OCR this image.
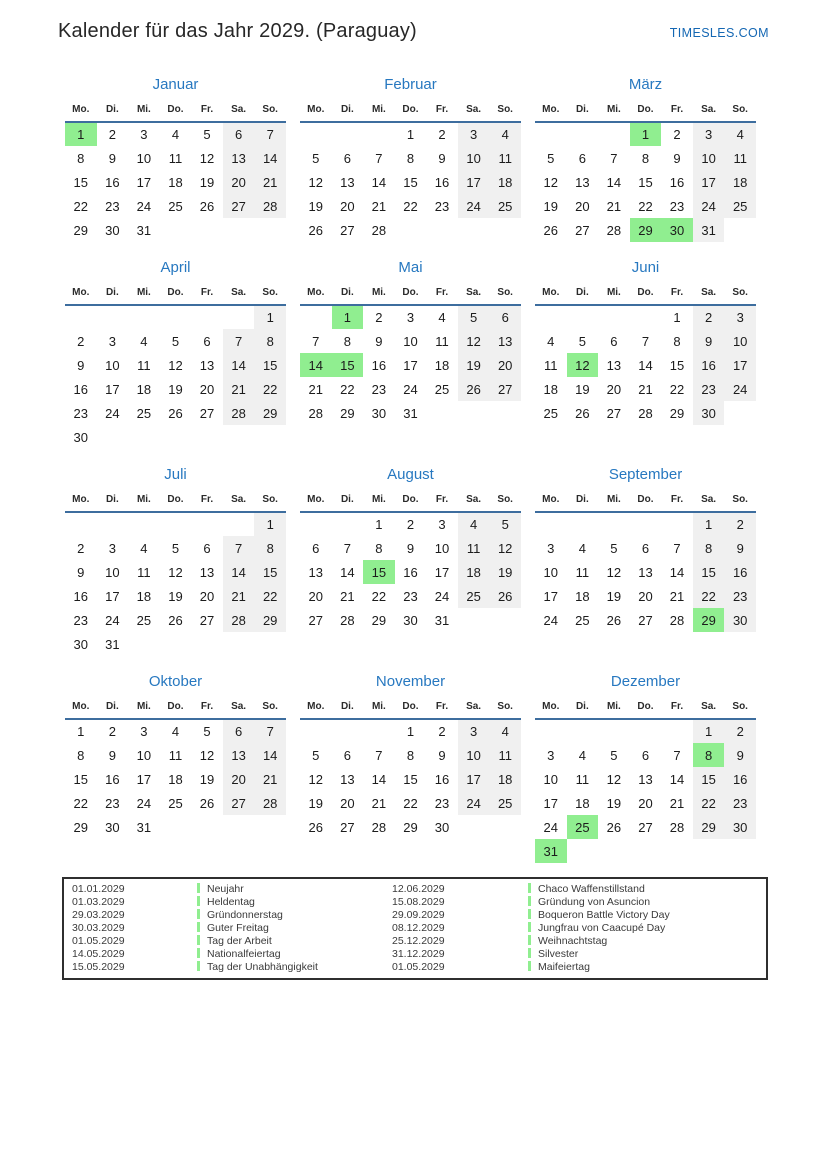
Kalender für das Jahr 2029. (Paraguay)	TIMESLES.COM
Januar
Mo.	Di.	Mi.	Do.	Fr.	Sa.	So.
1	2	3	4	5	6	7
8	9	10	11	12	13	14
15	16	17	18	19	20	21
22	23	24	25	26	27	28
29	30	31				
Februar
Mo.	Di.	Mi.	Do.	Fr.	Sa.	So.
			1	2	3	4
5	6	7	8	9	10	11
12	13	14	15	16	17	18
19	20	21	22	23	24	25
26	27	28				
März
Mo.	Di.	Mi.	Do.	Fr.	Sa.	So.
			1	2	3	4
5	6	7	8	9	10	11
12	13	14	15	16	17	18
19	20	21	22	23	24	25
26	27	28	29	30	31	
April
Mo.	Di.	Mi.	Do.	Fr.	Sa.	So.
						1
2	3	4	5	6	7	8
9	10	11	12	13	14	15
16	17	18	19	20	21	22
23	24	25	26	27	28	29
30						
Mai
Mo.	Di.	Mi.	Do.	Fr.	Sa.	So.
	1	2	3	4	5	6
7	8	9	10	11	12	13
14	15	16	17	18	19	20
21	22	23	24	25	26	27
28	29	30	31			
Juni
Mo.	Di.	Mi.	Do.	Fr.	Sa.	So.
				1	2	3
4	5	6	7	8	9	10
11	12	13	14	15	16	17
18	19	20	21	22	23	24
25	26	27	28	29	30	
Juli
Mo.	Di.	Mi.	Do.	Fr.	Sa.	So.
						1
2	3	4	5	6	7	8
9	10	11	12	13	14	15
16	17	18	19	20	21	22
23	24	25	26	27	28	29
30	31					
August
Mo.	Di.	Mi.	Do.	Fr.	Sa.	So.
		1	2	3	4	5
6	7	8	9	10	11	12
13	14	15	16	17	18	19
20	21	22	23	24	25	26
27	28	29	30	31		
September
Mo.	Di.	Mi.	Do.	Fr.	Sa.	So.
					1	2
3	4	5	6	7	8	9
10	11	12	13	14	15	16
17	18	19	20	21	22	23
24	25	26	27	28	29	30
Oktober
Mo.	Di.	Mi.	Do.	Fr.	Sa.	So.
1	2	3	4	5	6	7
8	9	10	11	12	13	14
15	16	17	18	19	20	21
22	23	24	25	26	27	28
29	30	31				
November
Mo.	Di.	Mi.	Do.	Fr.	Sa.	So.
			1	2	3	4
5	6	7	8	9	10	11
12	13	14	15	16	17	18
19	20	21	22	23	24	25
26	27	28	29	30		
Dezember
Mo.	Di.	Mi.	Do.	Fr.	Sa.	So.
					1	2
3	4	5	6	7	8	9
10	11	12	13	14	15	16
17	18	19	20	21	22	23
24	25	26	27	28	29	30
31						
01.01.2029	Neujahr	12.06.2029	Chaco Waffenstillstand
01.03.2029	Heldentag	15.08.2029	Gründung von Asuncion
29.03.2029	Gründonnerstag	29.09.2029	Boqueron Battle Victory Day
30.03.2029	Guter Freitag	08.12.2029	Jungfrau von Caacupé Day
01.05.2029	Tag der Arbeit	25.12.2029	Weihnachtstag
14.05.2029	Nationalfeiertag	31.12.2029	Silvester
15.05.2029	Tag der Unabhängigkeit	01.05.2029	Maifeiertag
